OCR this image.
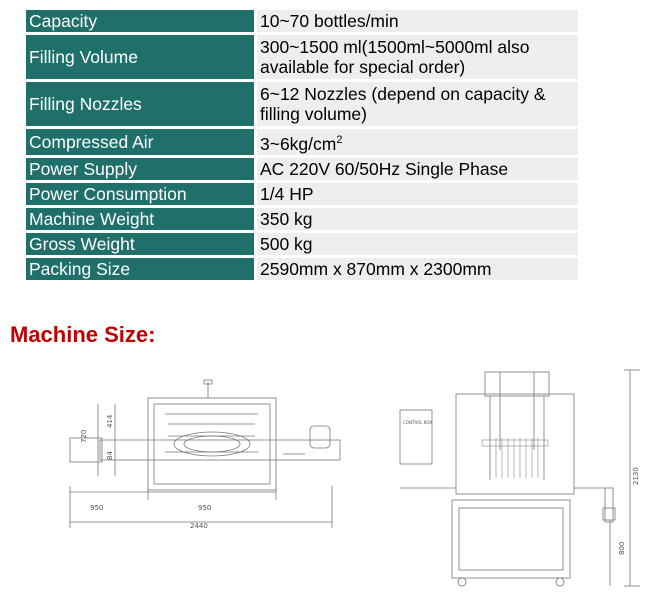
Capacity	10~70 bottles/min
Filling Volume	300~1500 ml(1500ml~5000ml also available for special order)
Filling Nozzles	6~12 Nozzles (depend on capacity & filling volume)
Compressed Air	$3\sim 6kg/cm^2$
Power Supply	AC 220V 60/50Hz Single Phase
Power Consumption	1/4 HP
Machine Weight	350 kg
Gross Weight	500 kg
Packing Size	2590mm x 870mm x 2300mm
Machine Size:
720
414
84
950	950
2440
2130
800
CONTROL BOX
